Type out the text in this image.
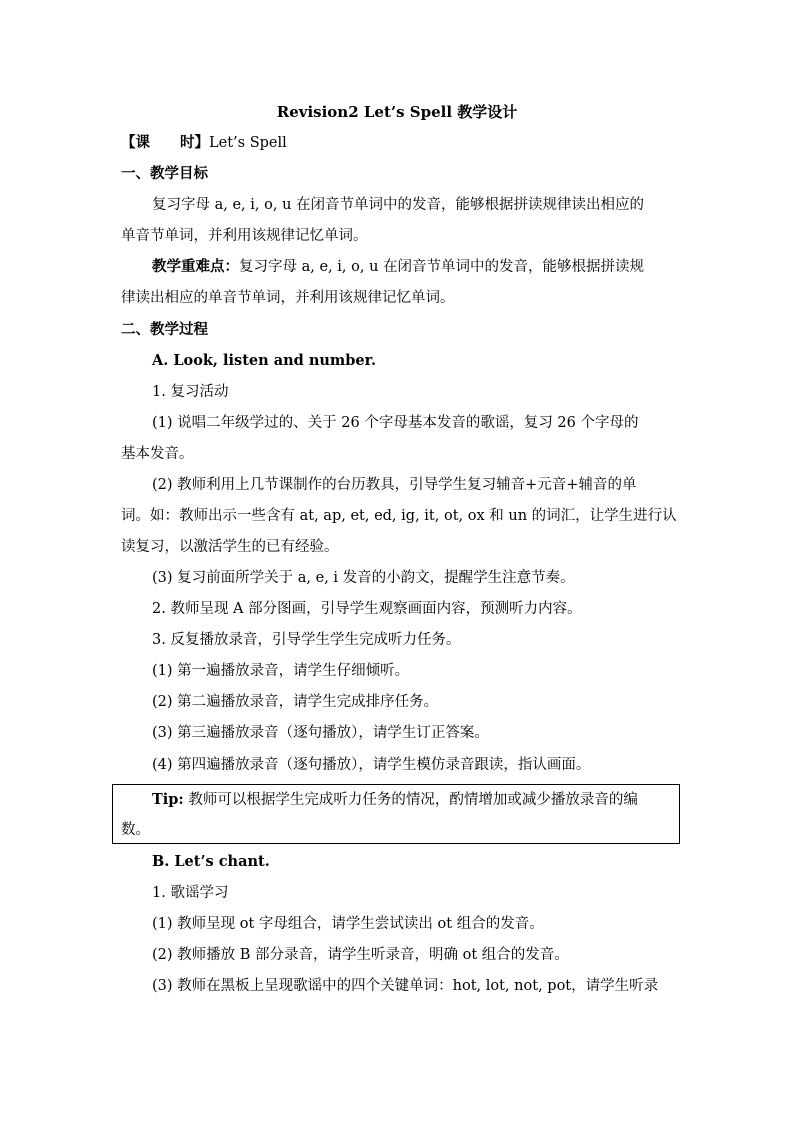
Revision2 Let’s Spell 教学设计
【课 时】Let’s Spell
一、教学目标
复习字母 a, e, i, o, u 在闭音节单词中的发音，能够根据拼读规律读出相应的
单音节单词，并利用该规律记忆单词。
教学重难点：复习字母 a, e, i, o, u 在闭音节单词中的发音，能够根据拼读规
律读出相应的单音节单词，并利用该规律记忆单词。
二、教学过程
A. Look, listen and number.
1. 复习活动
(1) 说唱二年级学过的、关于 26 个字母基本发音的歌谣，复习 26 个字母的
基本发音。
(2) 教师利用上几节课制作的台历教具，引导学生复习辅音+元音+辅音的单
词。如：教师出示一些含有 at, ap, et, ed, ig, it, ot, ox 和 un 的词汇，让学生进行认
读复习，以激活学生的已有经验。
(3) 复习前面所学关于 a, e, i 发音的小韵文，提醒学生注意节奏。
2. 教师呈现 A 部分图画，引导学生观察画面内容，预测听力内容。
3. 反复播放录音，引导学生学生完成听力任务。
(1) 第一遍播放录音，请学生仔细倾听。
(2) 第二遍播放录音，请学生完成排序任务。
(3) 第三遍播放录音（逐句播放），请学生订正答案。
(4) 第四遍播放录音（逐句播放），请学生模仿录音跟读，指认画面。
Tip: 教师可以根据学生完成听力任务的情况，酌情增加或减少播放录音的编
数。
B. Let’s chant.
1. 歌谣学习
(1) 教师呈现 ot 字母组合，请学生尝试读出 ot 组合的发音。
(2) 教师播放 B 部分录音，请学生听录音，明确 ot 组合的发音。
(3) 教师在黑板上呈现歌谣中的四个关键单词：hot, lot, not, pot，请学生听录
